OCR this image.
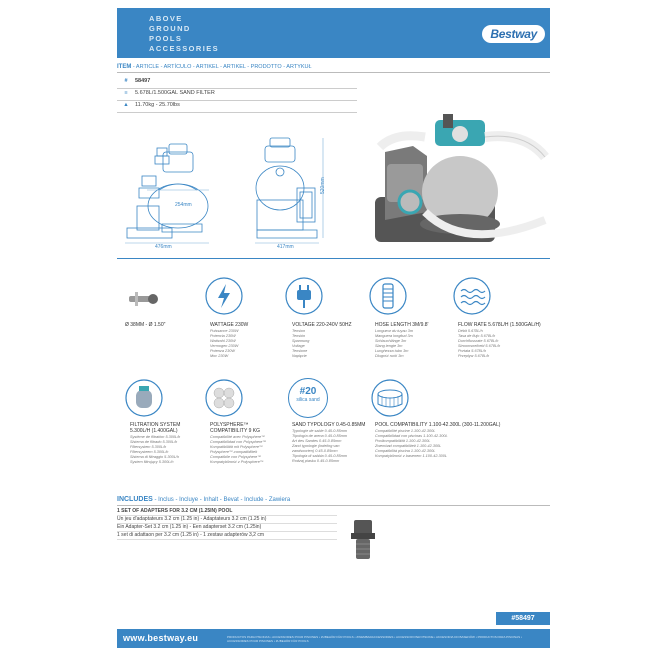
ABOVE
GROUND
POOLS
ACCESSORIES
Bestway
ITEM - ARTICLE - ARTÍCULO - ARTIKEL - ARTIKEL - PRODOTTO - ARTYKUŁ
# 58497
≡ 5.678L/1.500GAL SAND FILTER
▲ 11.70kg - 25.70lbs
254mm
476mm	417mm
520mm
Ø 38MM - Ø 1.50"	WATTAGE 230W
Puissance 230W
Potencia 230W
Wattzahl 230W
Vermogen 230W
Potenza 230W
Moc 230W
VOLTAGE 220-240V 50HZ
Tension
Tensión
Spannung
Voltage
Tensione
Napięcie
HOSE LENGTH 3M/9.8'
Longueur du tuyau 3m
Manguera longitud 3m
Schlauchlänge 3m
Slang lengte 3m
Lunghezza tubo 3m
Długość rurki 3m
FLOW RATE 5.678L/H (1.500GAL/H)
Débit 5.678L/h
Tasa de flujo 5.678L/h
Durchflussrate 5.678L/h
Stroomsnelheid 5.678L/h
Portata 5.678L/h
Przepływ 5.678L/h
FILTRATION SYSTEM
5.300L/H (1.400GAL)
Système de filtration 5.300L/h
Sistema de filtrado 5.300L/h
Filtersystem 5.300L/h
Filtersysteem 5.300L/h
Sistema di filtraggio 5.300L/h
System filtrujący 5.300L/h
POLYSPHERE™
COMPATIBILITY 9 KG
Compatibilité avec Polysphere™
Compatibilidad con Polysphere™
Kompatibilität mit Polysphere™
Polysphere™-compatibiliteit
Compatibile con Polysphere™
Kompatybilność z Polysphere™
#20
silica sand
SAND TYPOLOGY 0.45-0.85MM
Typologie de sable 0.45-0.85mm
Tipología de arena 0.45-0.85mm
Art des Sandes 0.45-0.85mm
Zand typologie (indeling van
zandsoorten) 0.45-0.85mm
Tipologia di sabbia 0.45-0.85mm
Rodzaj piasku 0.45-0.85mm
POOL COMPATIBILITY 1.100-42.300L (300-11.200GAL)
Compatibilité piscine 1.100-42.300L
Compatibilidad con piscinas 1.100-42.300L
Poolkompatibilität 1.100-42.300L
Zwembad compatibiliteit 1.100-42.300L
Compatibilità piscina 1.100-42.300L
Kompatybilność z basenem 1.100-42.300L
INCLUDES - Inclus - Incluye - Inhalt - Bevat - Include - Zawiera
1 SET OF ADAPTERS FOR 3.2 CM (1.25IN) POOL
Un jeu d'adaptateurs 3.2 cm (1.25 in) - Adaptateurs 3.2 cm (1.25 in)
Ein Adapter-Set 3.2 cm (1.25 in) - Een adapterset 3.2 cm (1.25in)
1 set di adattaon per 3.2 cm (1.25 in) - 1 zestaw adapterów 3,2 cm
#58497
www.bestway.eu	PRODUCTOS PARA PISCINAS • ACCESSOIRES POUR PISCINES • ZUBEHÖR FÜR POOLS • ZWEMBADACCESSOIRES • ACCESSORI PER PISCINE • AKCESORIA DO BASENÓW • PRODUCTOS PARA PISCINAS • ACCESSOIRES POUR PISCINES • ZUBEHÖR FÜR POOLS
